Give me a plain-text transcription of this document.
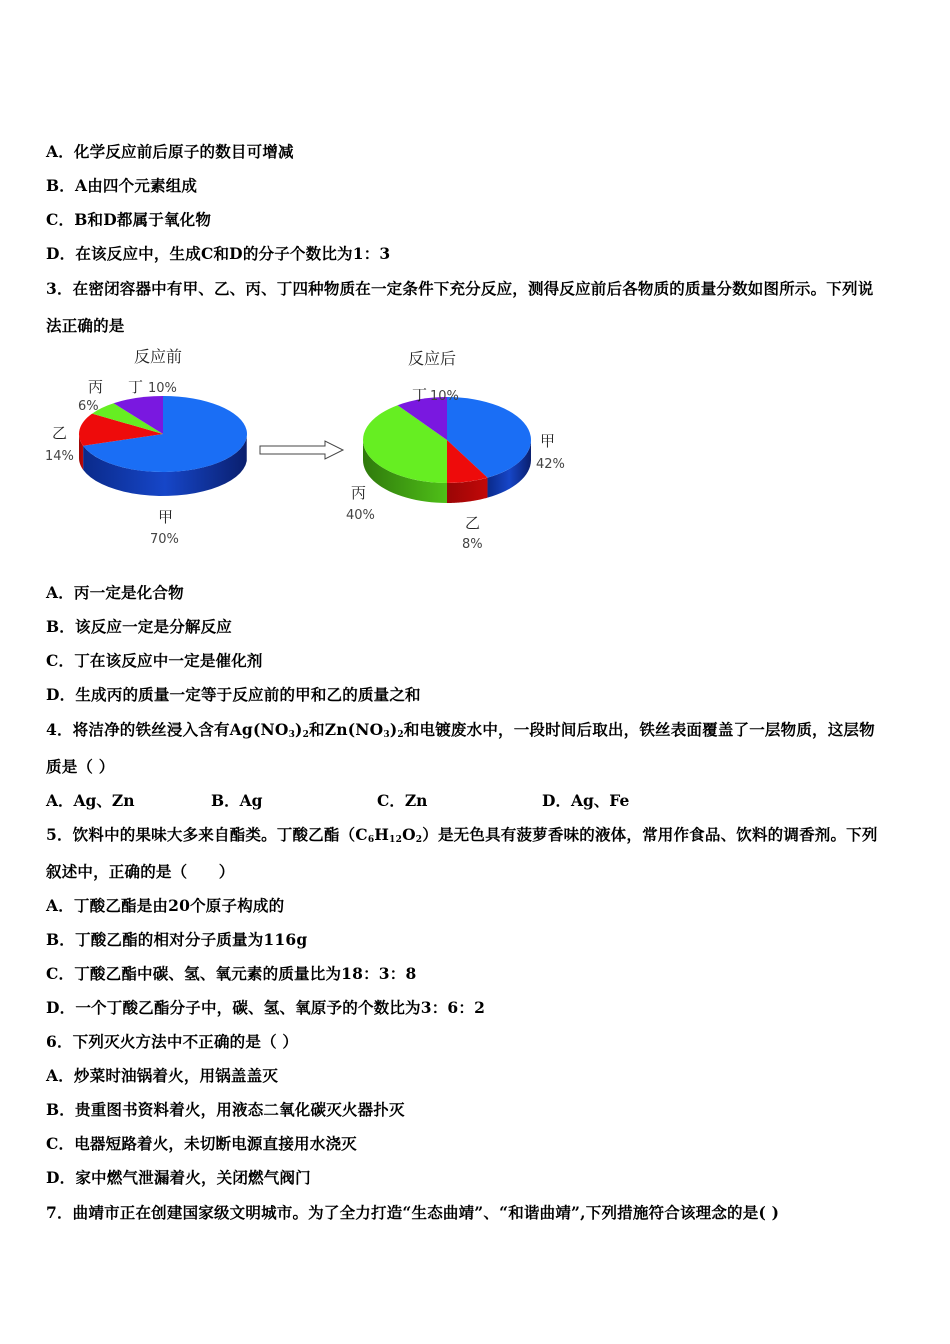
A．化学反应前后原子的数目可增减
B．A由四个元素组成
C．B和D都属于氧化物
D．在该反应中，生成C和D的分子个数比为1：3
3．在密闭容器中有甲、乙、丙、丁四种物质在一定条件下充分反应，测得反应前后各物质的质量分数如图所示。下列说
法正确的是
反应前	反应后
丙
6%
丁 10%
乙
14%
甲
70%
丁 10%
甲
42%
丙
40%	乙
8%
A．丙一定是化合物
B．该反应一定是分解反应
C．丁在该反应中一定是催化剂
D．生成丙的质量一定等于反应前的甲和乙的质量之和
4．将洁净的铁丝浸入含有$Ag(NO_3)_2$和$Zn(NO_3)_2$和电镀废水中，一段时间后取出，铁丝表面覆盖了一层物质，这层物
质是（ ）
A．Ag、Zn	B．Ag	C．Zn	D．Ag、Fe
5．饮料中的果味大多来自酯类。丁酸乙酯$(C_6H_{12}O_2)$是无色具有菠萝香味的液体，常用作食品、饮料的调香剂。下列
叙述中，正确的是（　　）
A．丁酸乙酯是由20个原子构成的
B．丁酸乙酯的相对分子质量为116g
C．丁酸乙酯中碳、氢、氧元素的质量比为18：3：8
D．一个丁酸乙酯分子中，碳、氢、氧原予的个数比为3：6：2
6．下列灭火方法中不正确的是（ ）
A．炒菜时油锅着火，用锅盖盖灭
B．贵重图书资料着火，用液态二氧化碳灭火器扑灭
C．电器短路着火，未切断电源直接用水浇灭
D．家中燃气泄漏着火，关闭燃气阀门
7．曲靖市正在创建国家级文明城市。为了全力打造“生态曲靖”、“和谐曲靖”,下列措施符合该理念的是( )
